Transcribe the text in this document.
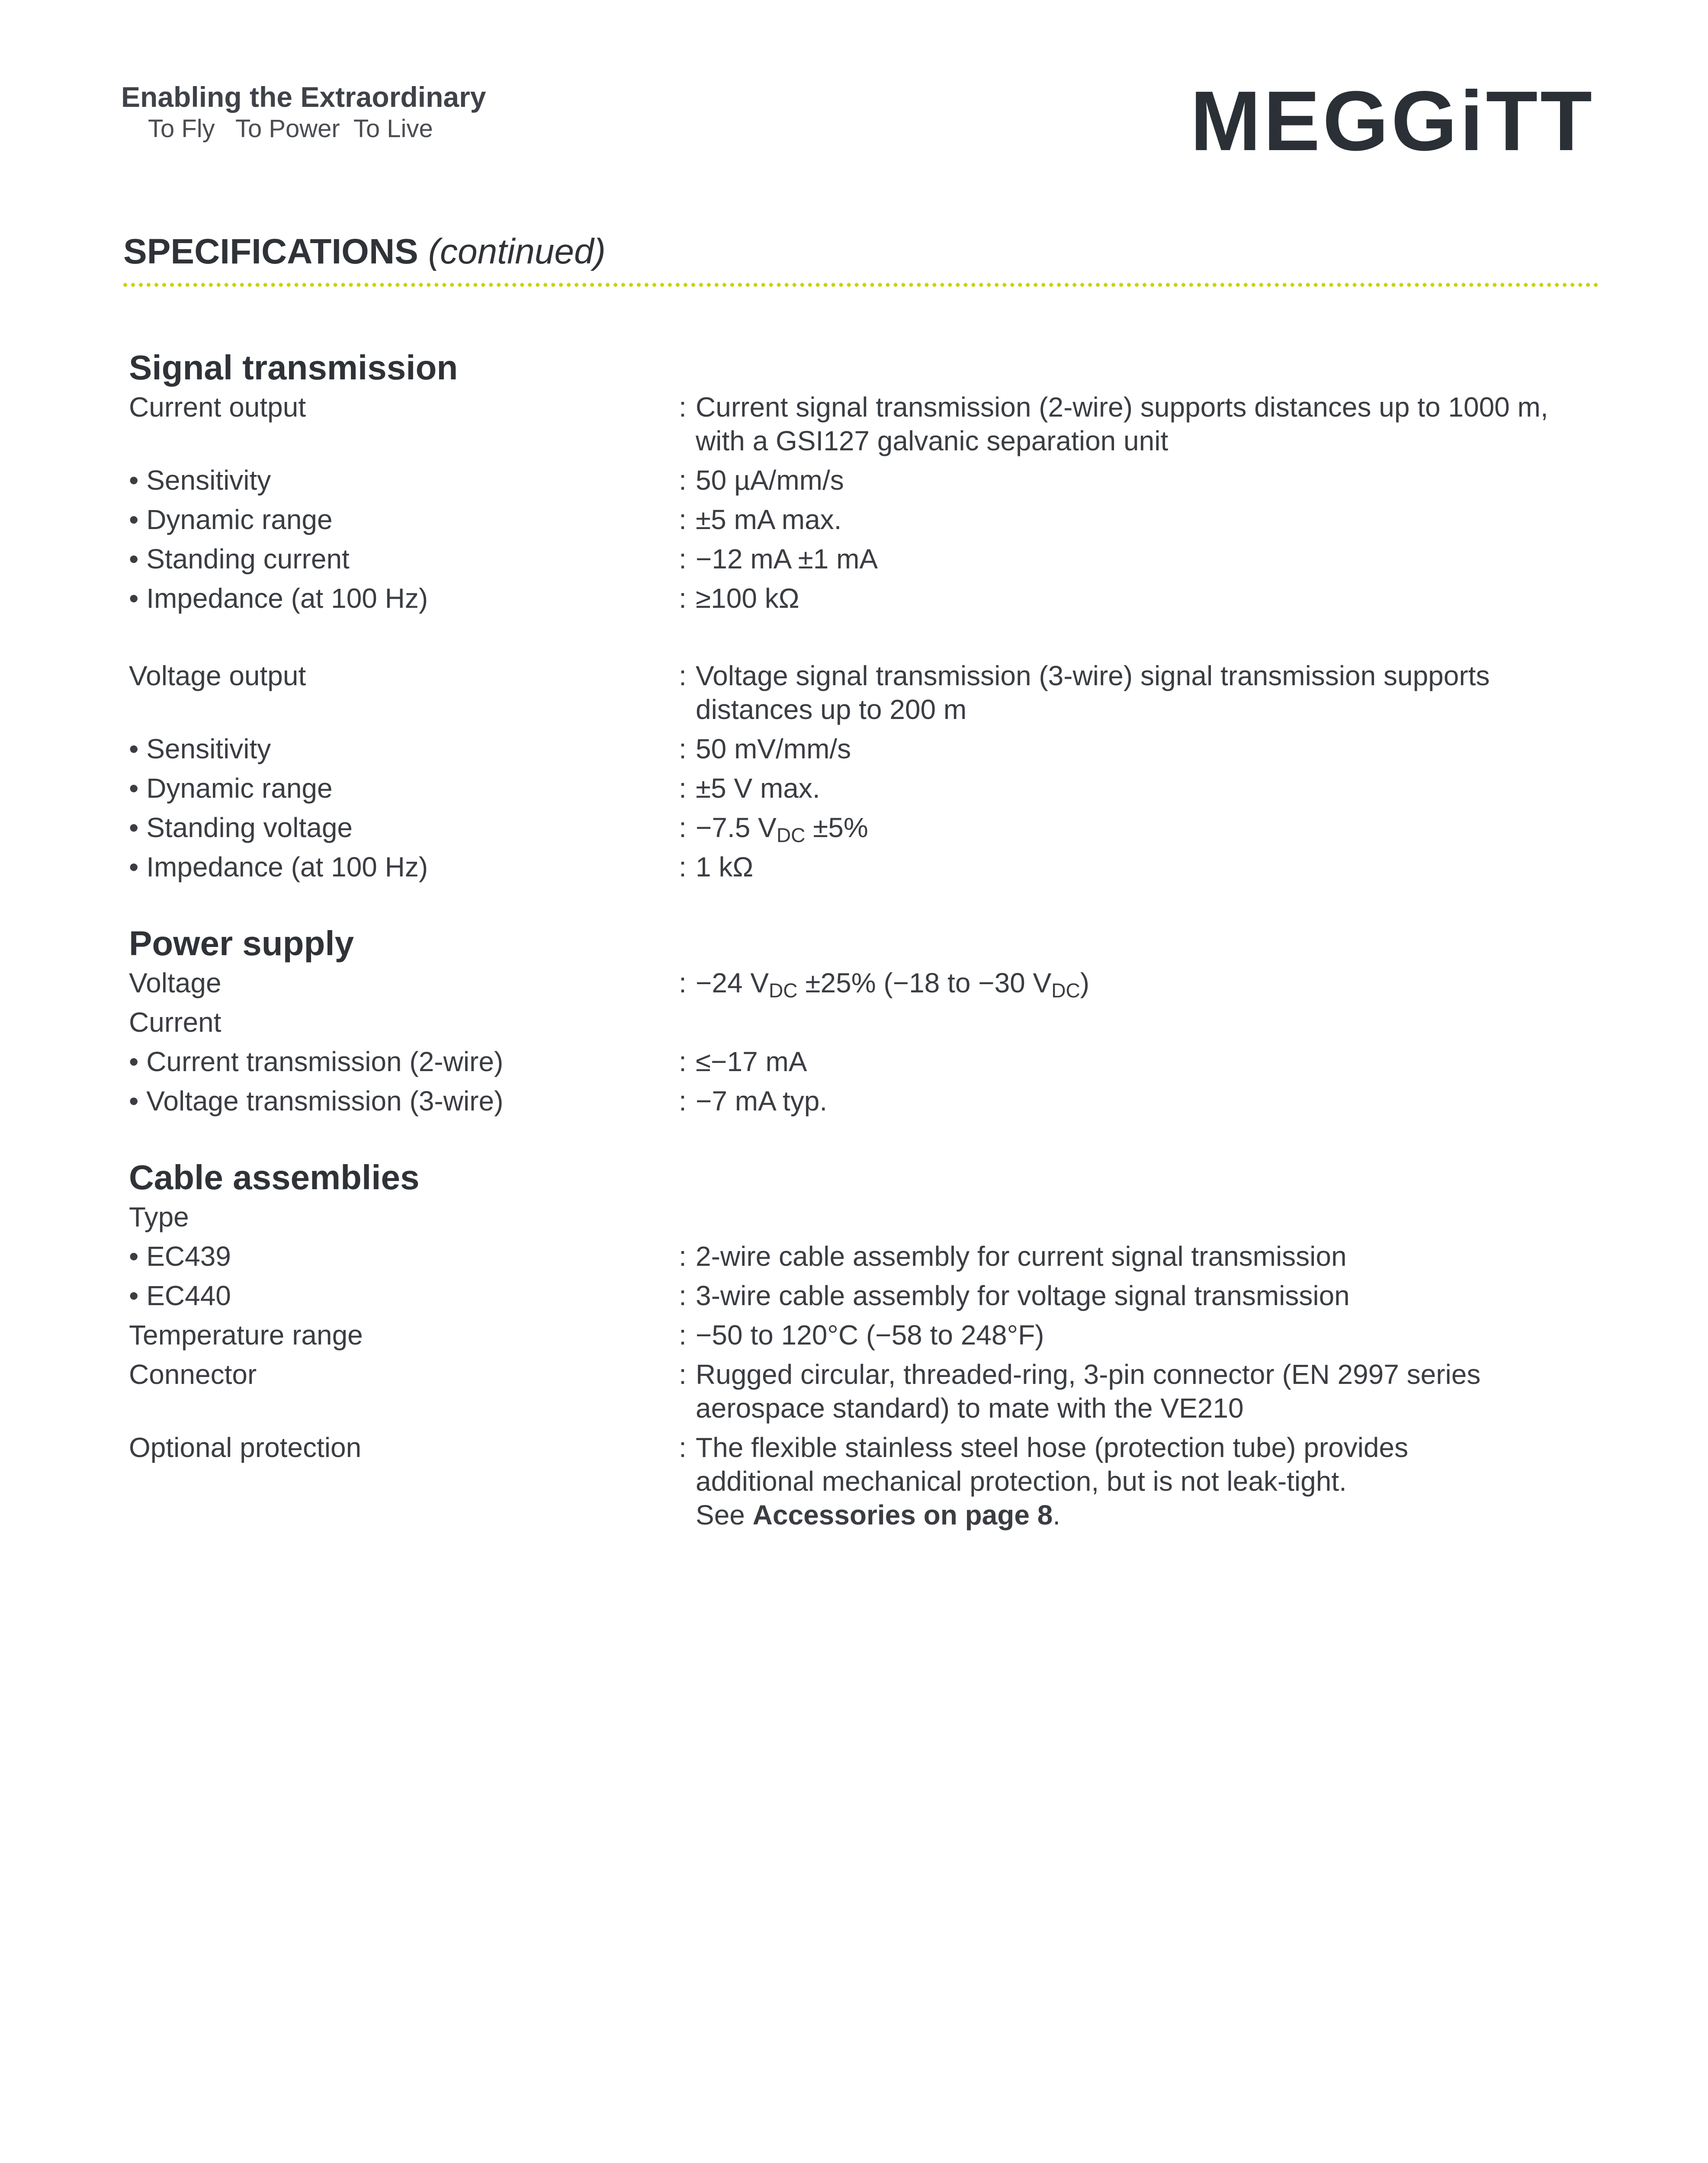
Enabling the Extraordinary
To Fly   To Power  To Live	MEGGiTT
SPECIFICATIONS (continued)
Signal transmission
Current output	: Current signal transmission (2-wire) supports distances up to 1000 m,
with a GSI127 galvanic separation unit
• Sensitivity	: 50 µA/mm/s
• Dynamic range	: ±5 mA max.
• Standing current	: −12 mA ±1 mA
• Impedance (at 100 Hz)	: ≥100 kΩ
Voltage output	: Voltage signal transmission (3-wire) signal transmission supports
distances up to 200 m
• Sensitivity	: 50 mV/mm/s
• Dynamic range	: ±5 V max.
• Standing voltage	: −7.5 $V_{DC} \pm 5\%$
• Impedance (at 100 Hz)	: 1 kΩ
Power supply
Voltage	: −24 $V_{DC} \pm 25\%$ (−18 to −30 $V_{DC}$)
Current
• Current transmission (2-wire)	: ≤−17 mA
• Voltage transmission (3-wire)	: −7 mA typ.
Cable assemblies
Type
• EC439	: 2-wire cable assembly for current signal transmission
• EC440	: 3-wire cable assembly for voltage signal transmission
Temperature range	: −50 to 120°C (−58 to 248°F)
Connector	: Rugged circular, threaded-ring, 3-pin connector (EN 2997 series
aerospace standard) to mate with the VE210
Optional protection	: The flexible stainless steel hose (protection tube) provides
additional mechanical protection, but is not leak-tight.
See Accessories on page 8.
